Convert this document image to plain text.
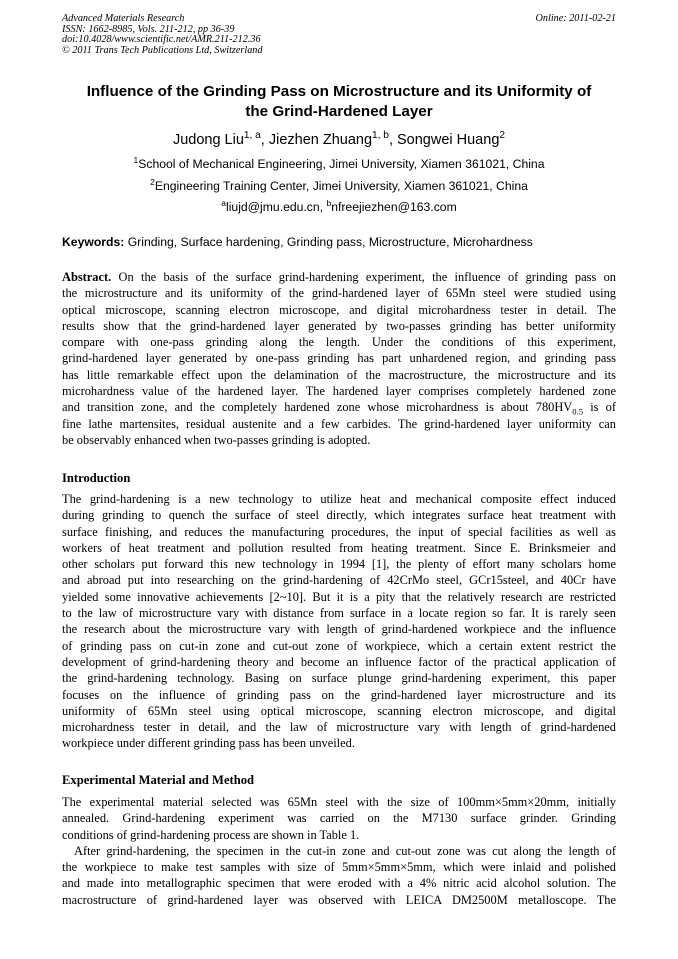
Advanced Materials Research
ISSN: 1662-8985, Vols. 211-212, pp 36-39
doi:10.4028/www.scientific.net/AMR.211-212.36
© 2011 Trans Tech Publications Ltd, Switzerland
Online: 2011-02-21
Influence of the Grinding Pass on Microstructure and its Uniformity of
the Grind-Hardened Layer
Judong Liu$^{1, a}$, Jiezhen Zhuang$^{1, b}$, Songwei Huang$^2$
$^1$School of Mechanical Engineering, Jimei University, Xiamen 361021, China
$^2$Engineering Training Center, Jimei University, Xiamen 361021, China
$^a$liujd@jmu.edu.cn, $^b$nfreejiezhen@163.com
Keywords: Grinding, Surface hardening, Grinding pass, Microstructure, Microhardness
Abstract. On the basis of the surface grind-hardening experiment, the influence of grinding pass on
the microstructure and its uniformity of the grind-hardened layer of 65Mn steel were studied using
optical microscope, scanning electron microscope, and digital microhardness tester in detail. The
results show that the grind-hardened layer generated by two-passes grinding has better uniformity
compare with one-pass grinding along the length. Under the conditions of this experiment,
grind-hardened layer generated by one-pass grinding has part unhardened region, and grinding pass
has little remarkable effect upon the delamination of the macrostructure, the microstructure and its
microhardness value of the hardened layer. The hardened layer comprises completely hardened zone
and transition zone, and the completely hardened zone whose microhardness is about $780HV_{0.5}$ is of
fine lathe martensites, residual austenite and a few carbides. The grind-hardened layer uniformity can
be observably enhanced when two-passes grinding is adopted.
Introduction
The grind-hardening is a new technology to utilize heat and mechanical composite effect induced
during grinding to quench the surface of steel directly, which integrates surface heat treatment with
surface finishing, and reduces the manufacturing procedures, the input of special facilities as well as
workers of heat treatment and pollution resulted from heating treatment. Since E. Brinksmeier and
other scholars put forward this new technology in 1994 [1], the plenty of effort many scholars home
and abroad put into researching on the grind-hardening of 42CrMo steel, GCr15steel, and 40Cr have
yielded some innovative achievements [2~10]. But it is a pity that the relatively research are restricted
to the law of microstructure vary with distance from surface in a locate region so far. It is rarely seen
the research about the microstructure vary with length of grind-hardened workpiece and the influence
of grinding pass on cut-in zone and cut-out zone of workpiece, which a certain extent restrict the
development of grind-hardening theory and become an influence factor of the practical application of
the grind-hardening technology. Basing on surface plunge grind-hardening experiment, this paper
focuses on the influence of grinding pass on the grind-hardened layer microstructure and its
uniformity of 65Mn steel using optical microscope, scanning electron microscope, and digital
microhardness tester in detail, and the law of microstructure vary with length of grind-hardened
workpiece under different grinding pass has been unveiled.
Experimental Material and Method
The experimental material selected was 65Mn steel with the size of 100mm×5mm×20mm, initially
annealed. Grind-hardening experiment was carried on the M7130 surface grinder. Grinding
conditions of grind-hardening process are shown in Table 1.
After grind-hardening, the specimen in the cut-in zone and cut-out zone was cut along the length of
the workpiece to make test samples with size of 5mm×5mm×5mm, which were inlaid and polished
and made into metallographic specimen that were eroded with a 4% nitric acid alcohol solution. The
macrostructure of grind-hardened layer was observed with LEICA DM2500M metalloscope. The
